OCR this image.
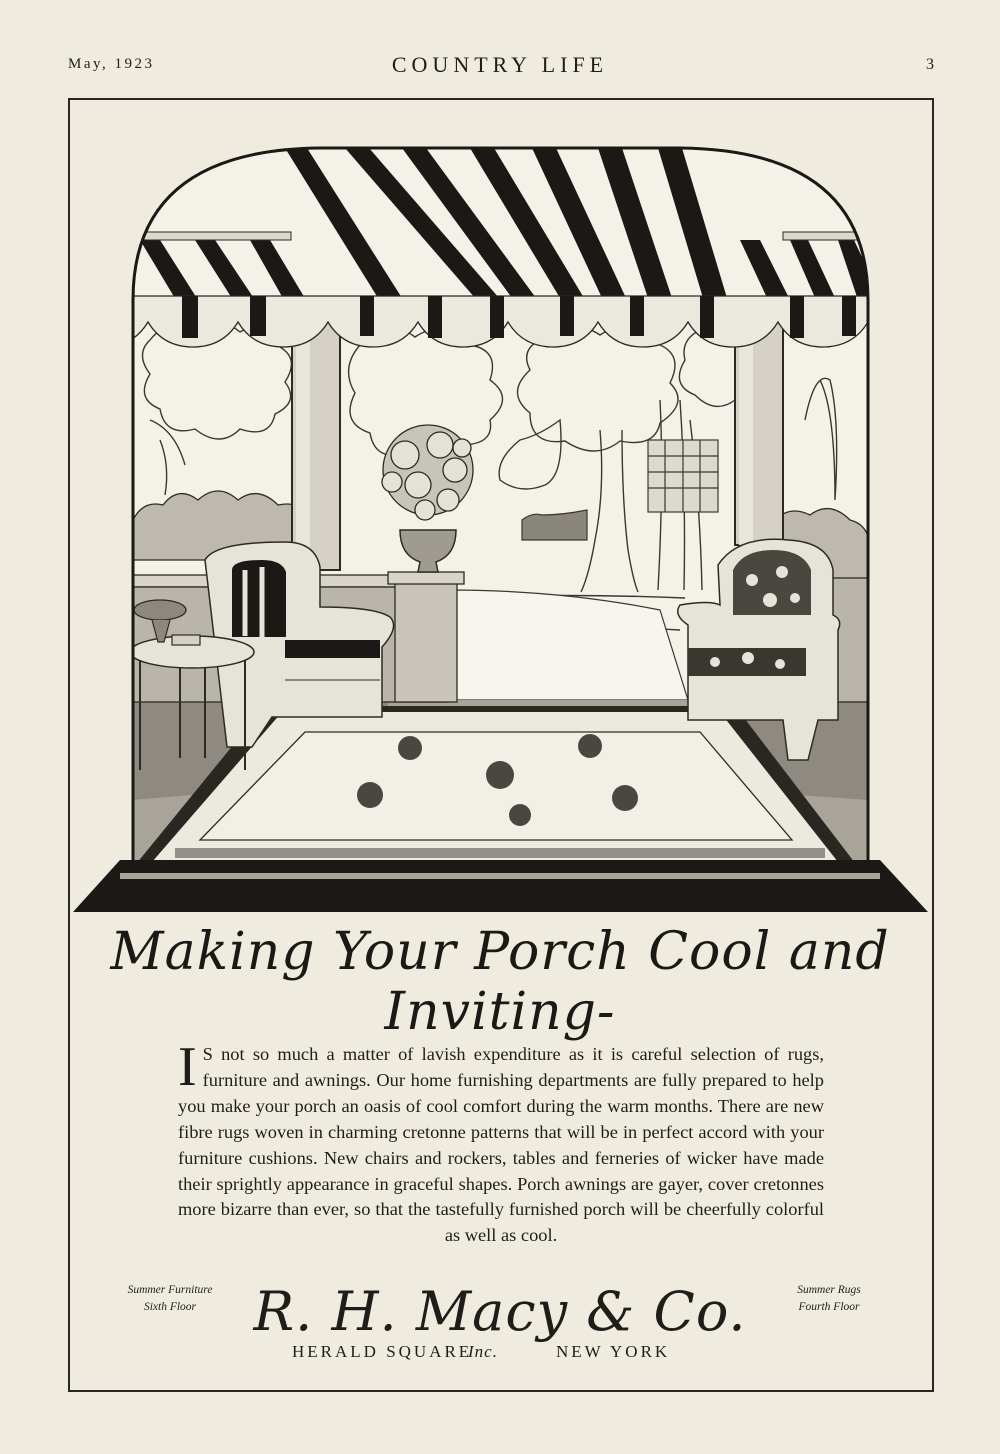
May, 1923	COUNTRY LIFE	3
Making Your Porch Cool and Inviting-
I S not so much a matter of lavish expenditure as it is careful selection of rugs, furniture and awnings. Our home furnishing departments are fully prepared to help you make your porch an oasis of cool comfort during the warm months. There are new fibre rugs woven in charming cretonne patterns that will be in perfect accord with your furniture cushions. New chairs and rockers, tables and ferneries of wicker have made their sprightly appearance in graceful shapes. Porch awnings are gayer, cover cretonnes more bizarre than ever, so that the tastefully furnished porch will be cheerfully colorful as well as cool.
Summer Furniture
Sixth Floor
Summer Rugs
Fourth Floor
R. H. Macy & Co.
HERALD SQUARE
Inc.	NEW YORK
